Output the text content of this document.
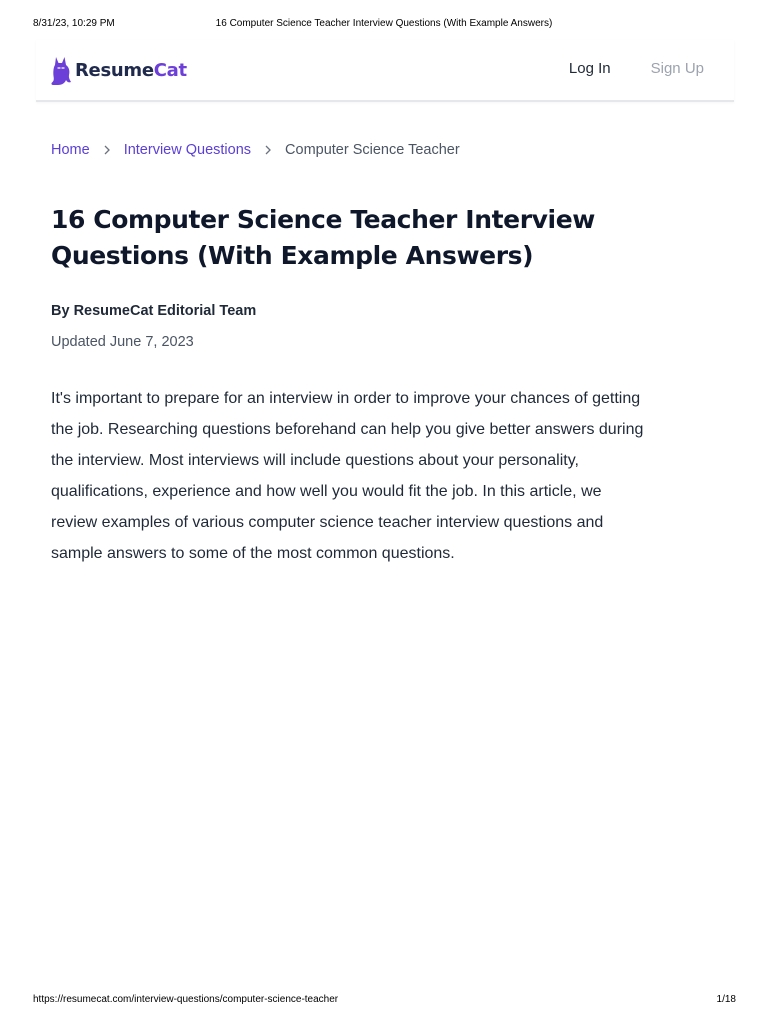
8/31/23, 10:29 PM	16 Computer Science Teacher Interview Questions (With Example Answers)
ResumeCat	Log In	Sign Up
Home Interview Questions Computer Science Teacher
16 Computer Science Teacher Interview Questions (With Example Answers)
By ResumeCat Editorial Team
Updated June 7, 2023

It's important to prepare for an interview in order to improve your chances of getting the job. Researching questions beforehand can help you give better answers during the interview. Most interviews will include questions about your personality, qualifications, experience and how well you would fit the job. In this article, we review examples of various computer science teacher interview questions and sample answers to some of the most common questions.

https://resumecat.com/interview-questions/computer-science-teacher	1/18
